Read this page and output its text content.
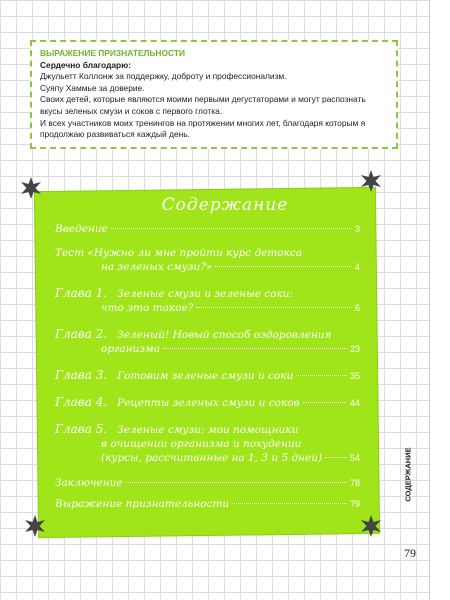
ВЫРАЖЕНИЕ ПРИЗНАТЕЛЬНОСТИ
Сердечно благодарю:
Джульетт Коллонж за поддержку, доброту и профессионализм.
Суяпу Хаммье за доверие.
Своих детей, которые являются моими первыми дегустаторами и могут распознать вкусы зеленых смузи и соков с первого глотка.
И всех участников моих тренингов на протяжении многих лет, благодаря которым я продолжаю развиваться каждый день.
СОДЕРЖАНИЕ
79
Содержание
Введение	3
Тест «Нужно ли мне пройти курс детокса
на зеленых смузи?»	4
Глава 1. Зеленые смузи и зеленые соки:
что это такое?	6
Глава 2. Зеленый! Новый способ оздоровления
организма	23
Глава 3. Готовим зеленые смузи и соки	35
Глава 4. Рецепты зеленых смузи и соков	44
Глава 5. Зеленые смузи: мои помощники
в очищении организма и похудении
(курсы, рассчитанные на 1, 3 и 5 дней)	54
Заключение	78
Выражение признательности	79
